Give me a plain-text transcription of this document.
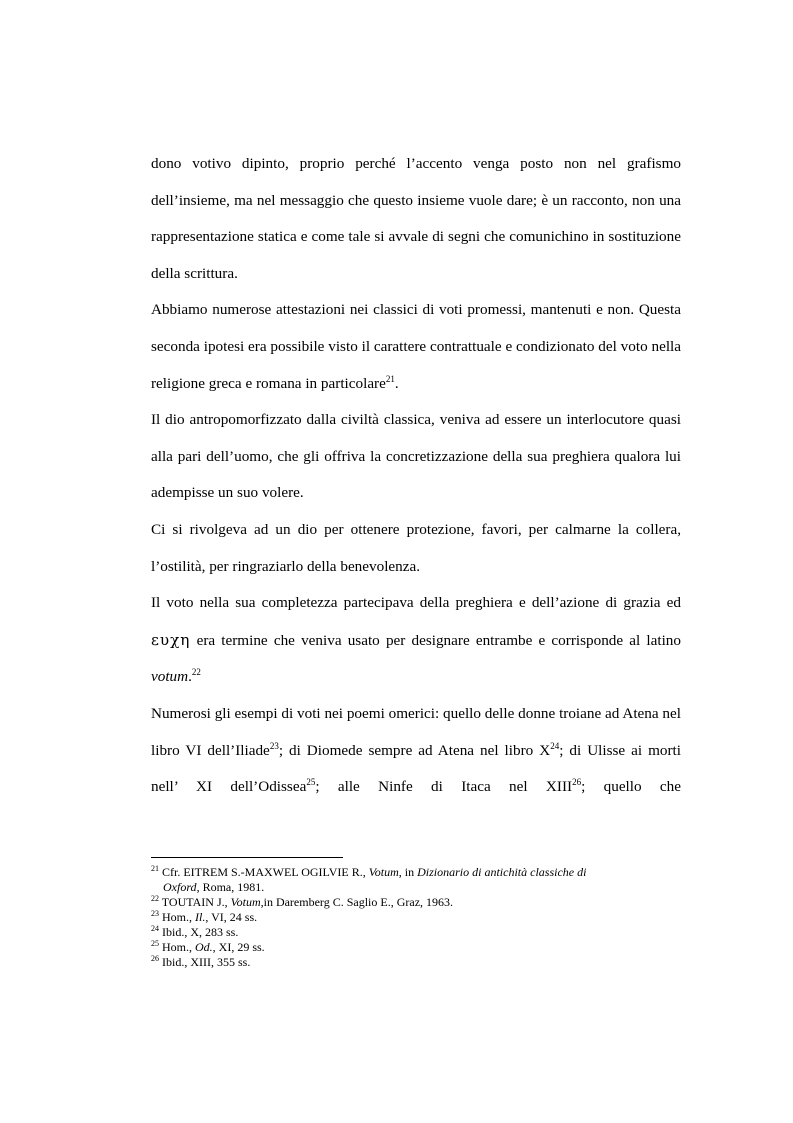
dono votivo dipinto, proprio perché l’accento venga posto non nel grafismo dell’insieme, ma nel messaggio che questo insieme vuole dare; è un racconto, non una rappresentazione statica e come tale si avvale di segni che comunichino in sostituzione della scrittura.

Abbiamo numerose attestazioni nei classici di voti promessi, mantenuti e non. Questa seconda ipotesi era possibile visto il carattere contrattuale e condizionato del voto nella religione greca e romana in particolare$^{21}$.

Il dio antropomorfizzato dalla civiltà classica, veniva ad essere un interlocutore quasi alla pari dell’uomo, che gli offriva la concretizzazione della sua preghiera qualora lui adempisse un suo volere.

Ci si rivolgeva ad un dio per ottenere protezione, favori, per calmarne la collera, l’ostilità, per ringraziarlo della benevolenza.

Il voto nella sua completezza partecipava della preghiera e dell’azione di grazia ed ευχη era termine che veniva usato per designare entrambe e corrisponde al latino votum.$^{22}$

Numerosi gli esempi di voti nei poemi omerici: quello delle donne troiane ad Atena nel libro VI dell’Iliade$^{23}$; di Diomede sempre ad Atena nel libro $X^{24}$; di Ulisse ai morti nell’ XI dell’Odissea$^{25}$; alle Ninfe di Itaca nel XIII$^{26}$; quello che

$^{21}$ Cfr. EITREM S.-MAXWEL OGILVIE R., Votum, in Dizionario di antichità classiche di
Oxford, Roma, 1981.

$^{22}$ TOUTAIN J., Votum,in Daremberg C. Saglio E., Graz, 1963.

$^{23}$ Hom., Il., VI, 24 ss.

$^{24}$ Ibid., X, 283 ss.

$^{25}$ Hom., Od., XI, 29 ss.

$^{26}$ Ibid., XIII, 355 ss.
